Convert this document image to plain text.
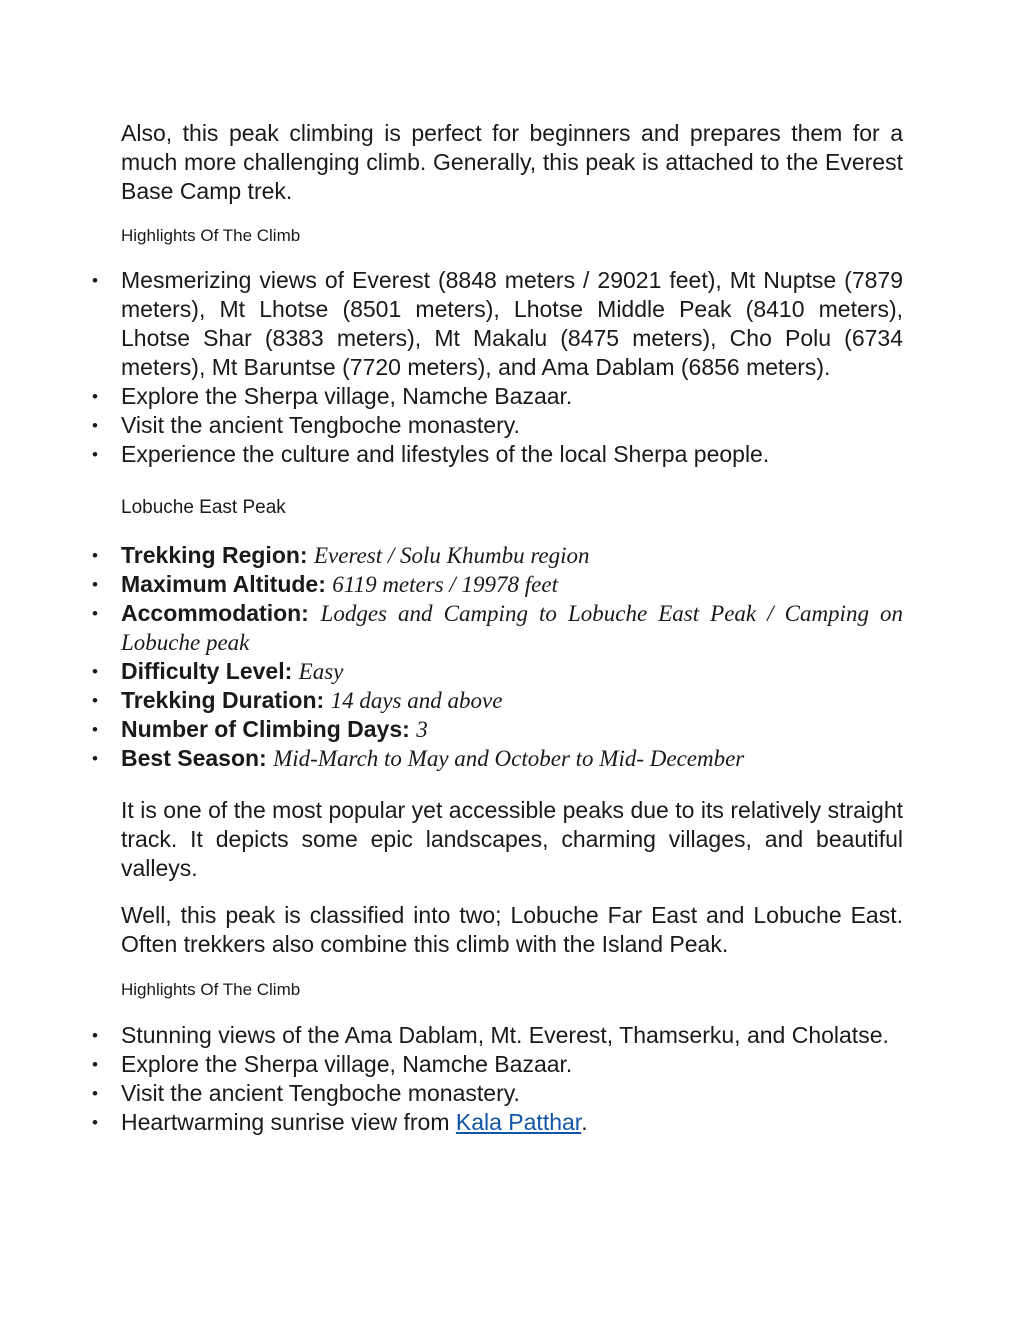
Also, this peak climbing is perfect for beginners and prepares them for a much more challenging climb. Generally, this peak is attached to the Everest Base Camp trek.

Highlights Of The Climb
• Mesmerizing views of Everest (8848 meters / 29021 feet), Mt Nuptse (7879 meters), Mt Lhotse (8501 meters), Lhotse Middle Peak (8410 meters), Lhotse Shar (8383 meters), Mt Makalu (8475 meters), Cho Polu (6734 meters), Mt Baruntse (7720 meters), and Ama Dablam (6856 meters).
• Explore the Sherpa village, Namche Bazaar.
• Visit the ancient Tengboche monastery.
• Experience the culture and lifestyles of the local Sherpa people.
Lobuche East Peak
• Trekking Region: Everest / Solu Khumbu region
• Maximum Altitude: 6119 meters / 19978 feet
• Accommodation: Lodges and Camping to Lobuche East Peak / Camping on Lobuche peak
• Difficulty Level: Easy
• Trekking Duration: 14 days and above
• Number of Climbing Days: 3
• Best Season: Mid-March to May and October to Mid- December

It is one of the most popular yet accessible peaks due to its relatively straight track. It depicts some epic landscapes, charming villages, and beautiful valleys.

Well, this peak is classified into two; Lobuche Far East and Lobuche East. Often trekkers also combine this climb with the Island Peak.

Highlights Of The Climb
• Stunning views of the Ama Dablam, Mt. Everest, Thamserku, and Cholatse.
• Explore the Sherpa village, Namche Bazaar.
• Visit the ancient Tengboche monastery.
• Heartwarming sunrise view from Kala Patthar.
